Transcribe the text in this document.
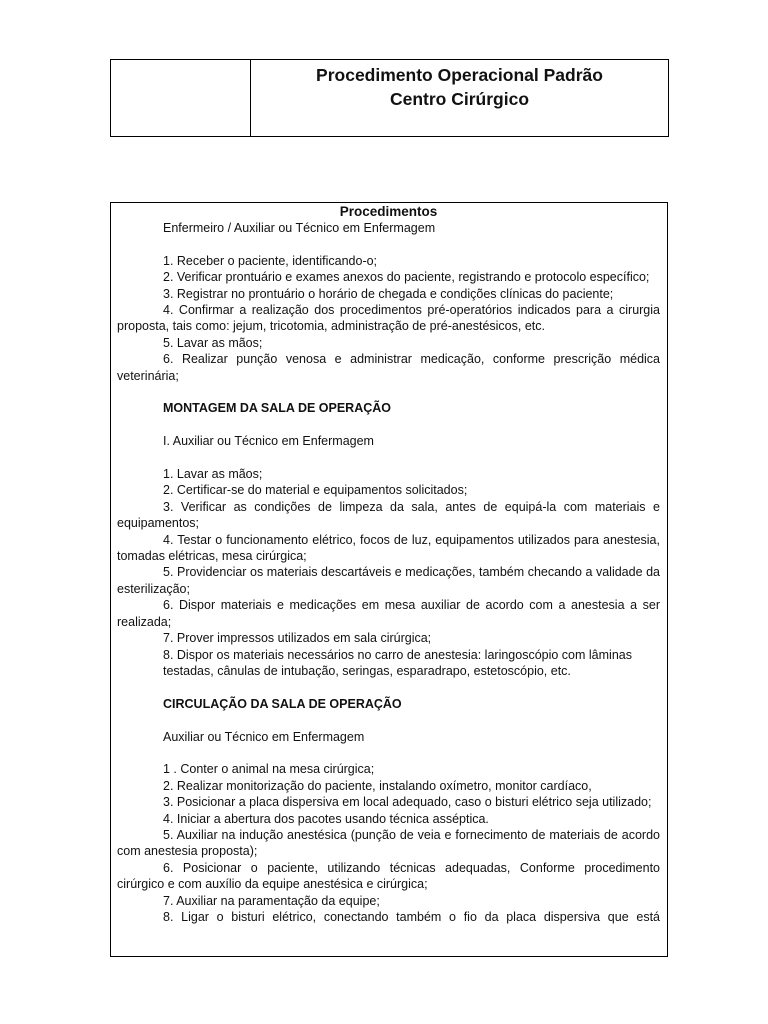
Procedimento Operacional Padrão
Centro Cirúrgico
Procedimentos
Enfermeiro / Auxiliar ou Técnico em Enfermagem
1. Receber o paciente, identificando-o;
2. Verificar prontuário e exames anexos do paciente, registrando e protocolo específico;
3. Registrar no prontuário o horário de chegada e condições clínicas do paciente;
4. Confirmar a realização dos procedimentos pré-operatórios indicados para a cirurgia proposta, tais como: jejum, tricotomia, administração de pré-anestésicos, etc.
5. Lavar as mãos;
6. Realizar punção venosa e administrar medicação, conforme prescrição médica veterinária;
MONTAGEM DA SALA DE OPERAÇÃO
I. Auxiliar ou Técnico em Enfermagem
1. Lavar as mãos;
2. Certificar-se do material e equipamentos solicitados;
3. Verificar as condições de limpeza da sala, antes de equipá-la com materiais e equipamentos;
4. Testar o funcionamento elétrico, focos de luz, equipamentos utilizados para anestesia, tomadas elétricas, mesa cirúrgica;
5. Providenciar os materiais descartáveis e medicações, também checando a validade da esterilização;
6. Dispor materiais e medicações em mesa auxiliar de acordo com a anestesia a ser realizada;
7. Prover impressos utilizados em sala cirúrgica;
8. Dispor os materiais necessários no carro de anestesia: laringoscópio com lâminas
testadas, cânulas de intubação, seringas, esparadrapo, estetoscópio, etc.
CIRCULAÇÃO DA SALA DE OPERAÇÃO
Auxiliar ou Técnico em Enfermagem
1 . Conter o animal na mesa cirúrgica;
2. Realizar monitorização do paciente, instalando oxímetro, monitor cardíaco,
3. Posicionar a placa dispersiva em local adequado, caso o bisturi elétrico seja utilizado;
4. Iniciar a abertura dos pacotes usando técnica asséptica.
5. Auxiliar na indução anestésica (punção de veia e fornecimento de materiais de acordo com anestesia proposta);
6. Posicionar o paciente, utilizando técnicas adequadas, Conforme procedimento cirúrgico e com auxílio da equipe anestésica e cirúrgica;
7. Auxiliar na paramentação da equipe;
8. Ligar o bisturi elétrico, conectando também o fio da placa dispersiva que está
